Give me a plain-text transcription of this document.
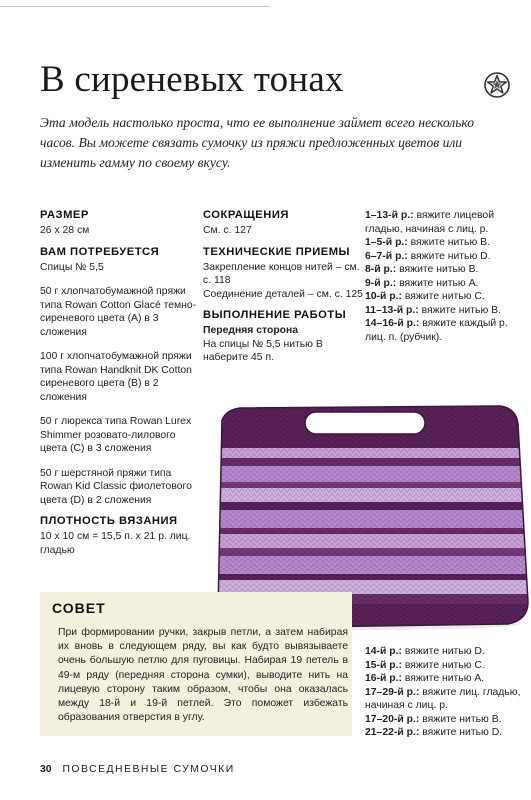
В сиреневых тонах
Эта модель настолько проста, что ее выполнение займет всего несколько часов. Вы можете связать сумочку из пряжи предложенных цветов или изменить гамму по своему вкусу.
РАЗМЕР
26 х 28 см
ВАМ ПОТРЕБУЕТСЯ
Спицы № 5,5
50 г хлопчатобумажной пряжи типа Rowan Cotton Glacé темно-сиреневого цвета (A) в 3 сложения
100 г хлопчатобумажной пряжи типа Rowan Handknit DK Cotton сиреневого цвета (B) в 2 сложения
50 г люрекса типа Rowan Lurex Shimmer розовато-лилового цвета (C) в 3 сложения
50 г шерстяной пряжи типа Rowan Kid Classic фиолетового цвета (D) в 2 сложения
ПЛОТНОСТЬ ВЯЗАНИЯ
10 х 10 см = 15,5 п. х 21 р. лиц. гладью
СОКРАЩЕНИЯ
См. с. 127
ТЕХНИЧЕСКИЕ ПРИЕМЫ
Закрепление концов нитей – см. с. 118
Соединение деталей – см. с. 125
ВЫПОЛНЕНИЕ РАБОТЫ
Передняя сторона
На спицы № 5,5 нитью B наберите 45 п.
1–13-й р.: вяжите лицевой гладью, начиная с лиц. р.
1–5-й р.: вяжите нитью B.
6–7-й р.: вяжите нитью D.
8-й р.: вяжите нитью B.
9-й р.: вяжите нитью A.
10-й р.: вяжите нитью C.
11–13-й р.: вяжите нитью B.
14–16-й р.: вяжите каждый р. лиц. п. (рубчик).
СОВЕТ
При формировании ручки, закрыв петли, а затем набирая их вновь в следующем ряду, вы как будто вывязываете очень большую петлю для пуговицы. Набирая 19 петель в 49-м ряду (передняя сторона сумки), выводите нить на лицевую сторону таким образом, чтобы она оказалась между 18-й и 19-й петлей. Это поможет избежать образования отверстия в углу.
14-й р.: вяжите нитью D.
15-й р.: вяжите нитью C.
16-й р.: вяжите нитью A.
17–29-й р.: вяжите лиц. гладью, начиная с лиц. р.
17–20-й р.: вяжите нитью B.
21–22-й р.: вяжите нитью D.
30 ПОВСЕДНЕВНЫЕ СУМОЧКИ
